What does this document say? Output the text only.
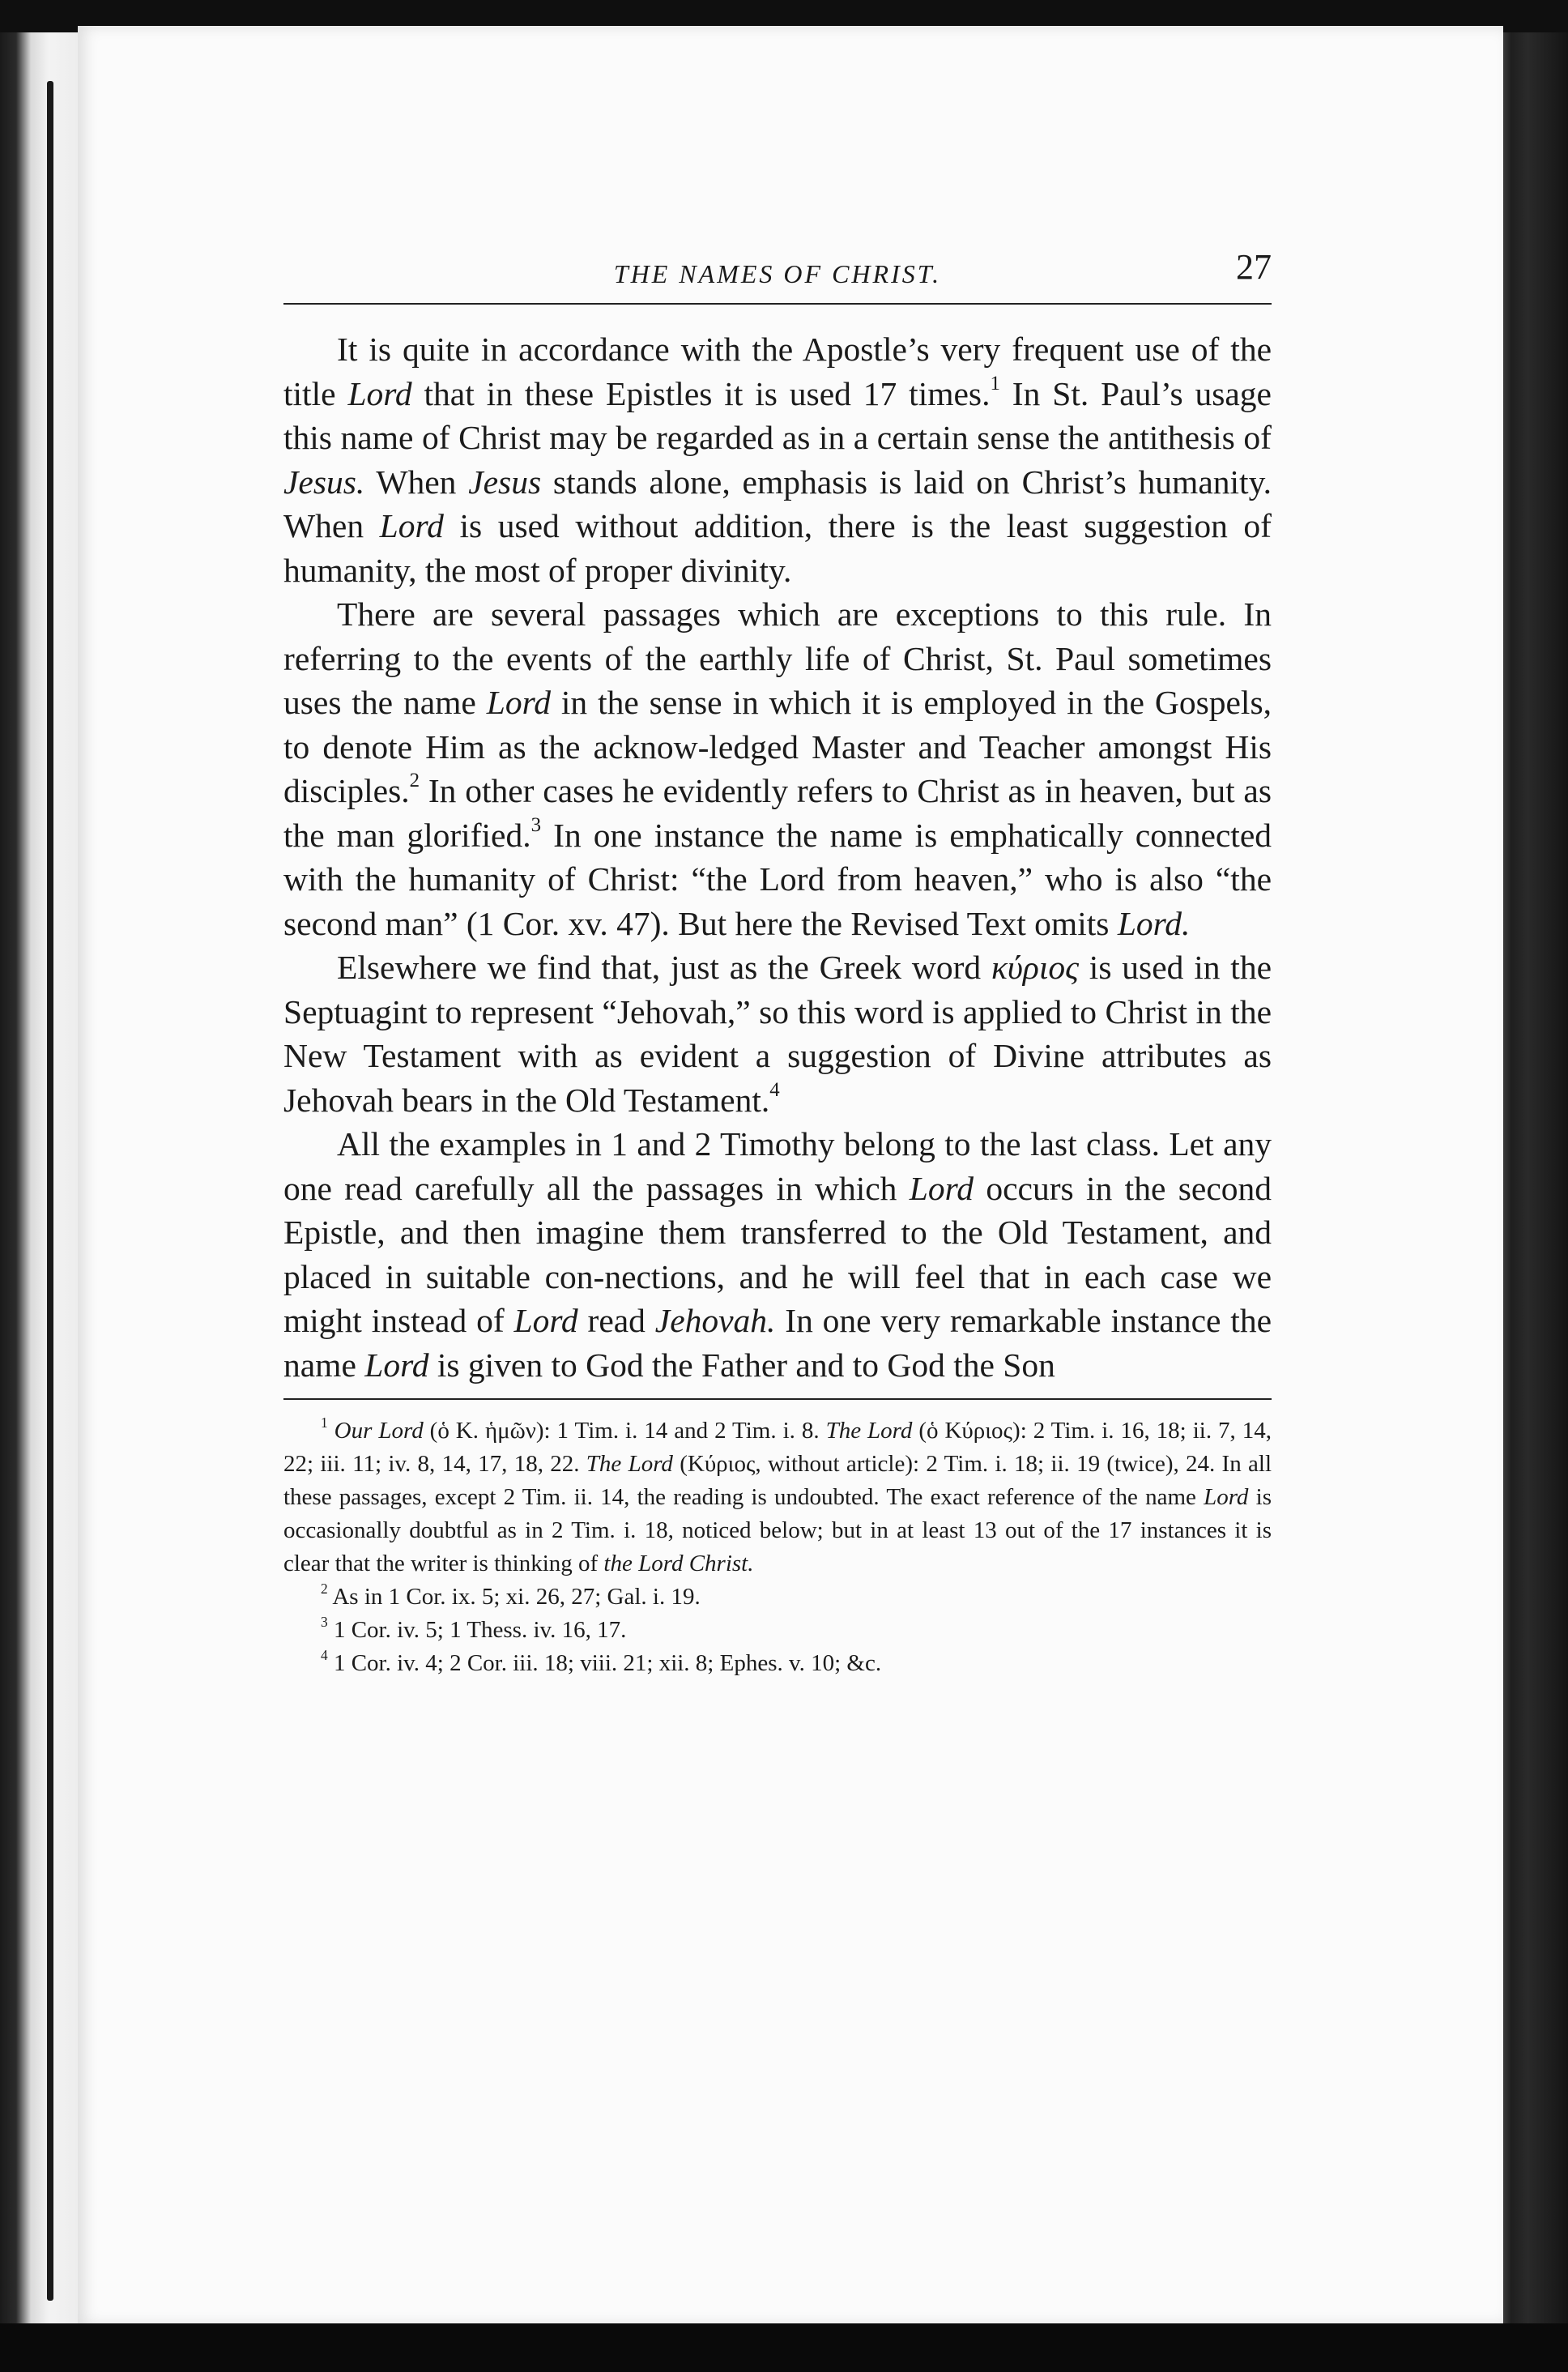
THE NAMES OF CHRIST.	27

It is quite in accordance with the Apostle’s very frequent use of the title Lord that in these Epistles it is used 17 times.$^1$ In St. Paul’s usage this name of Christ may be regarded as in a certain sense the antithesis of Jesus. When Jesus stands alone, emphasis is laid on Christ’s humanity. When Lord is used without addition, there is the least suggestion of humanity, the most of proper divinity.

There are several passages which are exceptions to this rule. In referring to the events of the earthly life of Christ, St. Paul sometimes uses the name Lord in the sense in which it is employed in the Gospels, to denote Him as the acknow-ledged Master and Teacher amongst His disciples.$^2$ In other cases he evidently refers to Christ as in heaven, but as the man glorified.$^3$ In one instance the name is emphatically connected with the humanity of Christ: “the Lord from heaven,” who is also “the second man” (1 Cor. xv. 47). But here the Revised Text omits Lord.

Elsewhere we find that, just as the Greek word κύριος is used in the Septuagint to represent “Jehovah,” so this word is applied to Christ in the New Testament with as evident a suggestion of Divine attributes as Jehovah bears in the Old Testament.$^4$

All the examples in 1 and 2 Timothy belong to the last class. Let any one read carefully all the passages in which Lord occurs in the second Epistle, and then imagine them transferred to the Old Testament, and placed in suitable con-nections, and he will feel that in each case we might instead of Lord read Jehovah. In one very remarkable instance the name Lord is given to God the Father and to God the Son

$^1$ Our Lord (ὁ K. ἡμῶν): 1 Tim. i. 14 and 2 Tim. i. 8. The Lord (ὁ Κύριος): 2 Tim. i. 16, 18; ii. 7, 14, 22; iii. 11; iv. 8, 14, 17, 18, 22. The Lord (Κύριος, without article): 2 Tim. i. 18; ii. 19 (twice), 24. In all these passages, except 2 Tim. ii. 14, the reading is undoubted. The exact reference of the name Lord is occasionally doubtful as in 2 Tim. i. 18, noticed below; but in at least 13 out of the 17 instances it is clear that the writer is thinking of the Lord Christ.

$^2$ As in 1 Cor. ix. 5; xi. 26, 27; Gal. i. 19.

$^3$ 1 Cor. iv. 5; 1 Thess. iv. 16, 17.

$^4$ 1 Cor. iv. 4; 2 Cor. iii. 18; viii. 21; xii. 8; Ephes. v. 10; &c.
